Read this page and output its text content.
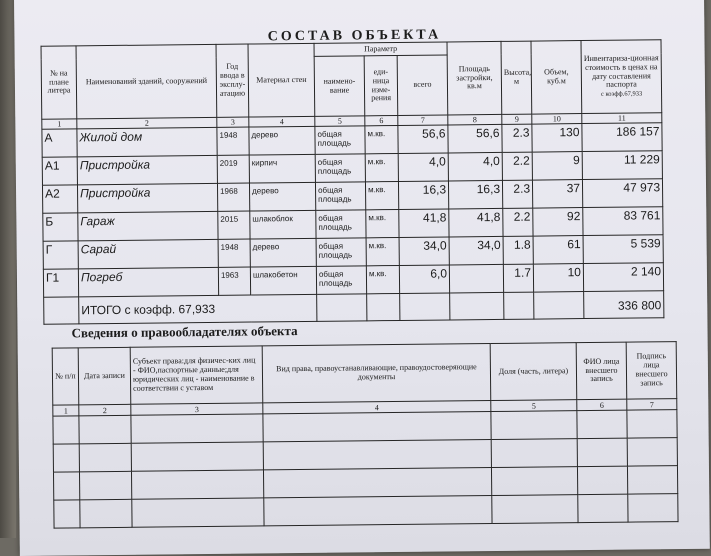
СОСТАВ ОБЪЕКТА
№ на плане литера	Наименований зданий, сооружений	Год ввода в эксплу-атацию	Материал стен	Параметр			Площадь застройки, кв.м	Высота, м	Объем, куб.м	Инвентариза-ционная стоимость в ценах на дату составления паспорта
с коэфф.67,933
				наимено-вание	еди-ница изме-рения	всего				
1	2	3	4	5	6	7	8	9	10	11
А	Жилой дом	1948	дерево	общая площадь	м.кв.	56,6	56,6	2.3	130	186 157
А1	Пристройка	2019	кирпич	общая площадь	м.кв.	4,0	4,0	2.2	9	11 229
А2	Пристройка	1968	дерево	общая площадь	м.кв.	16,3	16,3	2.3	37	47 973
Б	Гараж	2015	шлакоблок	общая площадь	м.кв.	41,8	41,8	2.2	92	83 761
Г	Сарай	1948	дерево	общая площадь	м.кв.	34,0	34,0	1.8	61	5 539
Г1	Погреб	1963	шлакобетон	общая площадь	м.кв.	6,0		1.7	10	2 140
	ИТОГО с коэфф. 67,933									336 800
Сведения о правообладателях объекта
№ п/п	Дата записи	Субъект права:для физичес-ких лиц - ФИО,паспортные данные;для юридических лиц - наименование в соответствии с уставом	Вид права, правоустанавливающие, правоудостоверяющие документы	Доля (часть, литера)	ФИО лица внесшего запись	Подпись лица внесшего запись
1	2	3	4	5	6	7
